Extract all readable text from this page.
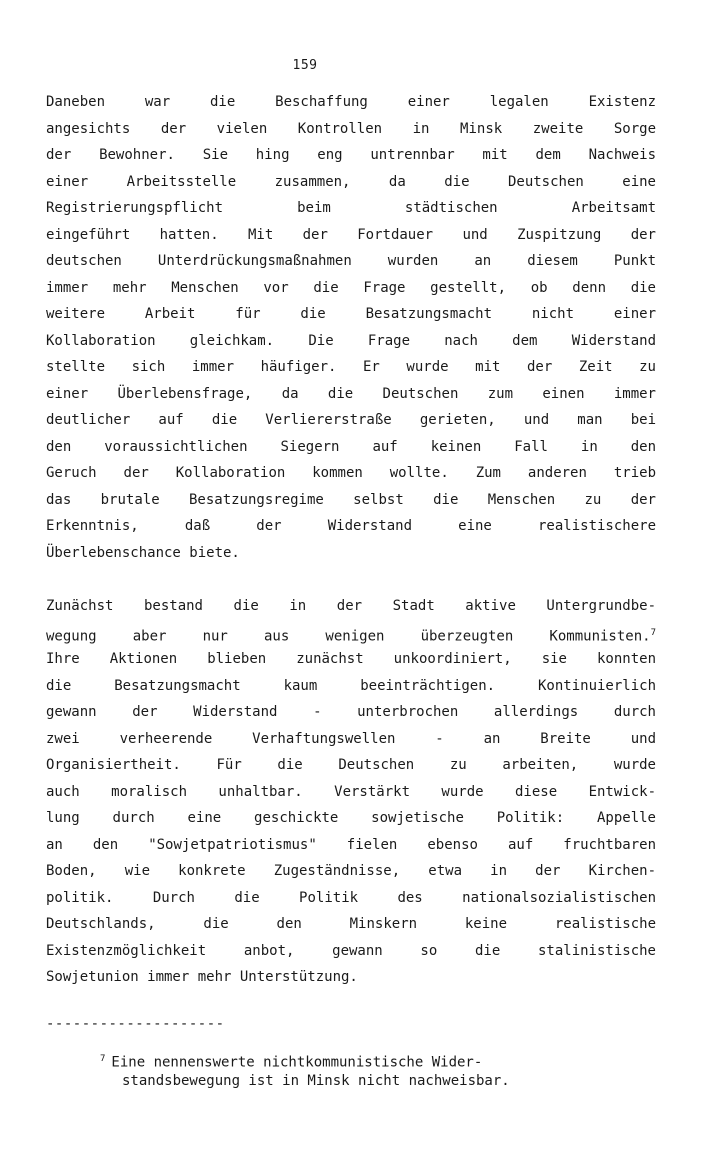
159
Daneben war die Beschaffung einer legalen Existenz
angesichts der vielen Kontrollen in Minsk zweite Sorge
der Bewohner. Sie hing eng untrennbar mit dem Nachweis
einer Arbeitsstelle zusammen, da die Deutschen eine
Registrierungspflicht beim städtischen Arbeitsamt
eingeführt hatten. Mit der Fortdauer und Zuspitzung der
deutschen Unterdrückungsmaßnahmen wurden an diesem Punkt
immer mehr Menschen vor die Frage gestellt, ob denn die
weitere Arbeit für die Besatzungsmacht nicht einer
Kollaboration gleichkam. Die Frage nach dem Widerstand
stellte sich immer häufiger. Er wurde mit der Zeit zu
einer Überlebensfrage, da die Deutschen zum einen immer
deutlicher auf die Verliererstraße gerieten, und man bei
den voraussichtlichen Siegern auf keinen Fall in den
Geruch der Kollaboration kommen wollte. Zum anderen trieb
das brutale Besatzungsregime selbst die Menschen zu der
Erkenntnis, daß der Widerstand eine realistischere
Überlebenschance biete.
Zunächst bestand die in der Stadt aktive Untergrundbe-
wegung aber nur aus wenigen überzeugten Kommunisten.$^7$
Ihre Aktionen blieben zunächst unkoordiniert, sie konnten
die Besatzungsmacht kaum beeinträchtigen. Kontinuierlich
gewann der Widerstand - unterbrochen allerdings durch
zwei verheerende Verhaftungswellen - an Breite und
Organisiertheit. Für die Deutschen zu arbeiten, wurde
auch moralisch unhaltbar. Verstärkt wurde diese Entwick-
lung durch eine geschickte sowjetische Politik: Appelle
an den "Sowjetpatriotismus" fielen ebenso auf fruchtbaren
Boden, wie konkrete Zugeständnisse, etwa in der Kirchen-
politik. Durch die Politik des nationalsozialistischen
Deutschlands, die den Minskern keine realistische
Existenzmöglichkeit anbot, gewann so die stalinistische
Sowjetunion immer mehr Unterstützung.
--------------------
$^7$ Eine nennenswerte nichtkommunistische Wider-
standsbewegung ist in Minsk nicht nachweisbar.
